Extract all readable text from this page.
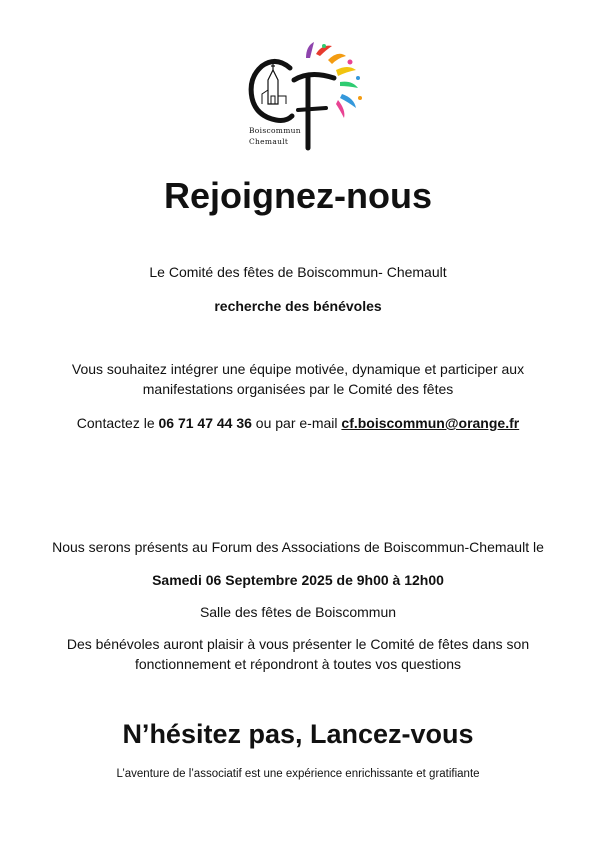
Boiscommun
Chemault
Rejoignez-nous

Le Comité des fêtes de Boiscommun- Chemault

recherche des bénévoles

Vous souhaitez intégrer une équipe motivée, dynamique et participer aux

manifestations organisées par le Comité des fêtes

Contactez le 06 71 47 44 36 ou par e-mail cf.boiscommun@orange.fr

Nous serons présents au Forum des Associations de Boiscommun-Chemault le

Samedi 06 Septembre 2025 de 9h00 à 12h00

Salle des fêtes de Boiscommun

Des bénévoles auront plaisir à vous présenter le Comité de fêtes dans son

fonctionnement et répondront à toutes vos questions

N’hésitez pas, Lancez-vous

L’aventure de l’associatif est une expérience enrichissante et gratifiante
